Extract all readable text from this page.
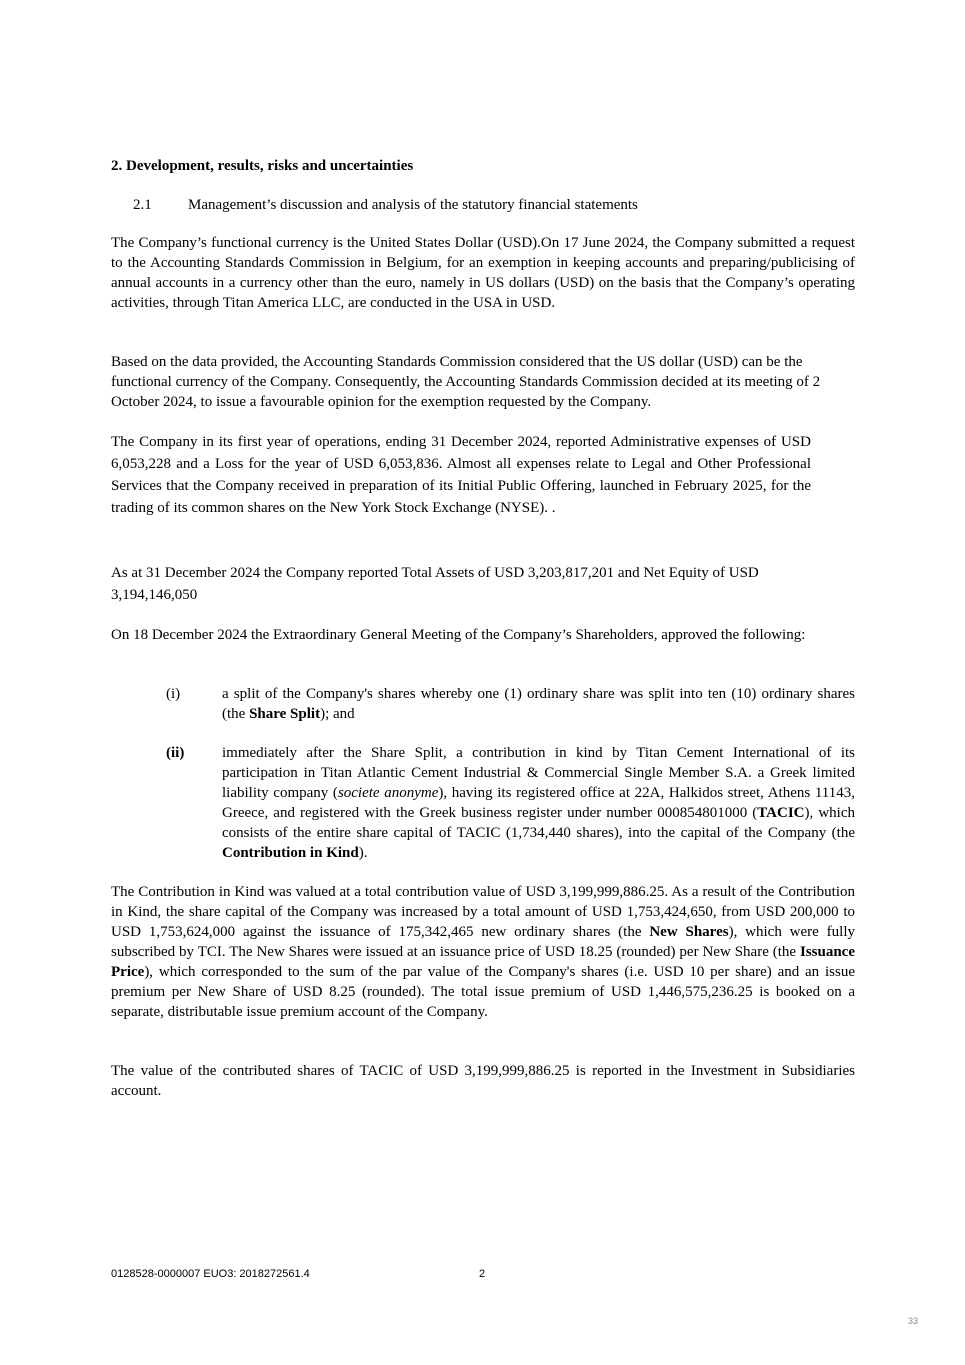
2. Development, results, risks and uncertainties
2.1 Management’s discussion and analysis of the statutory financial statements
The Company’s functional currency is the United States Dollar (USD).On 17 June 2024, the Company submitted a request to the Accounting Standards Commission in Belgium, for an exemption in keeping accounts and preparing/publicising of annual accounts in a currency other than the euro, namely in US dollars (USD) on the basis that the Company’s operating activities, through Titan America LLC, are conducted in the USA in USD.
Based on the data provided, the Accounting Standards Commission considered that the US dollar (USD) can be the functional currency of the Company. Consequently, the Accounting Standards Commission decided at its meeting of 2 October 2024, to issue a favourable opinion for the exemption requested by the Company.
The Company in its first year of operations, ending 31 December 2024, reported Administrative expenses of USD 6,053,228 and a Loss for the year of USD 6,053,836. Almost all expenses relate to Legal and Other Professional Services that the Company received in preparation of its Initial Public Offering, launched in February 2025, for the trading of its common shares on the New York Stock Exchange (NYSE). .
As at 31 December 2024 the Company reported Total Assets of USD 3,203,817,201 and Net Equity of USD 3,194,146,050
On 18 December 2024 the Extraordinary General Meeting of the Company’s Shareholders, approved the following:
(i)	a split of the Company's shares whereby one (1) ordinary share was split into ten (10) ordinary shares (the Share Split); and
(ii)	immediately after the Share Split, a contribution in kind by Titan Cement International of its participation in Titan Atlantic Cement Industrial & Commercial Single Member S.A. a Greek limited liability company (societe anonyme), having its registered office at 22A, Halkidos street, Athens 11143, Greece, and registered with the Greek business register under number 000854801000 (TACIC), which consists of the entire share capital of TACIC (1,734,440 shares), into the capital of the Company (the Contribution in Kind).
The Contribution in Kind was valued at a total contribution value of USD 3,199,999,886.25. As a result of the Contribution in Kind, the share capital of the Company was increased by a total amount of USD 1,753,424,650, from USD 200,000 to USD 1,753,624,000 against the issuance of 175,342,465 new ordinary shares (the New Shares), which were fully subscribed by TCI. The New Shares were issued at an issuance price of USD 18.25 (rounded) per New Share (the Issuance Price), which corresponded to the sum of the par value of the Company's shares (i.e. USD 10 per share) and an issue premium per New Share of USD 8.25 (rounded). The total issue premium of USD 1,446,575,236.25 is booked on a separate, distributable issue premium account of the Company.
The value of the contributed shares of TACIC of USD 3,199,999,886.25 is reported in the Investment in Subsidiaries account.
0128528-0000007 EUO3: 2018272561.4	2
33
